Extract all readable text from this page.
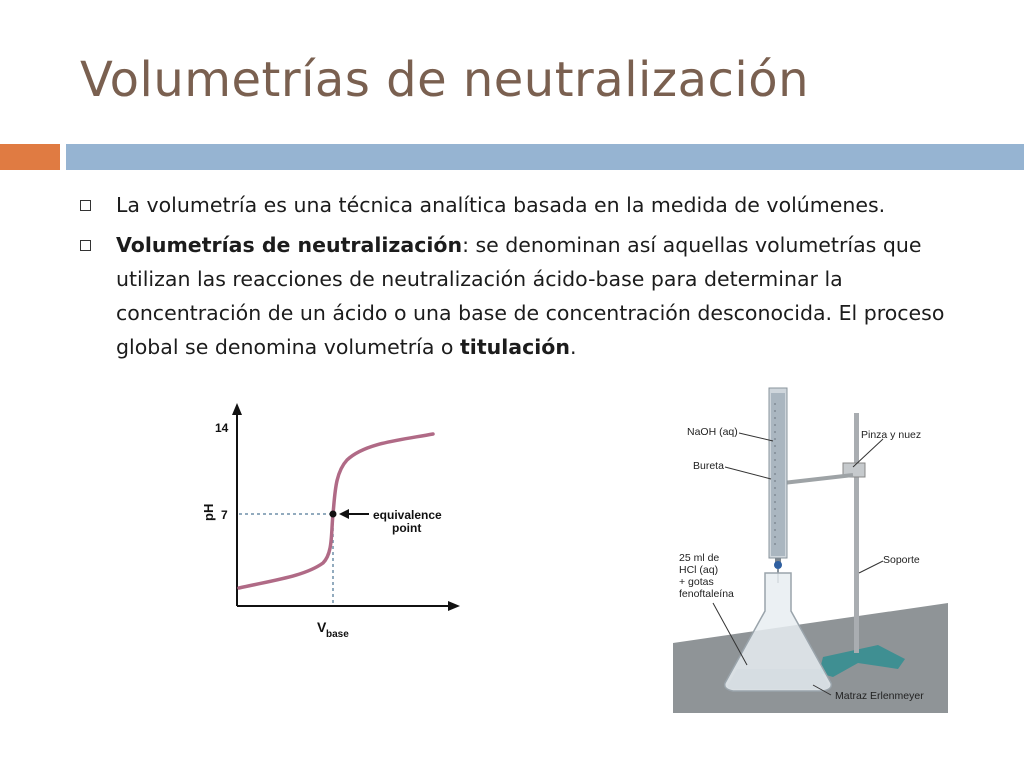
Volumetrías de neutralización
La volumetría es una técnica analítica basada en la medida de volúmenes.
Volumetrías de neutralización: se denominan así aquellas volumetrías que utilizan las reacciones de neutralización ácido-base para determinar la concentración de un ácido o una base de concentración desconocida. El proceso global se denomina volumetría o titulación.
14
7
pH	equivalence
point
V base
NaOH (aq)
Bureta
Pinza y nuez
Soporte
25 ml de
HCl (aq)
+ gotas
fenoftaleína
Matraz Erlenmeyer
